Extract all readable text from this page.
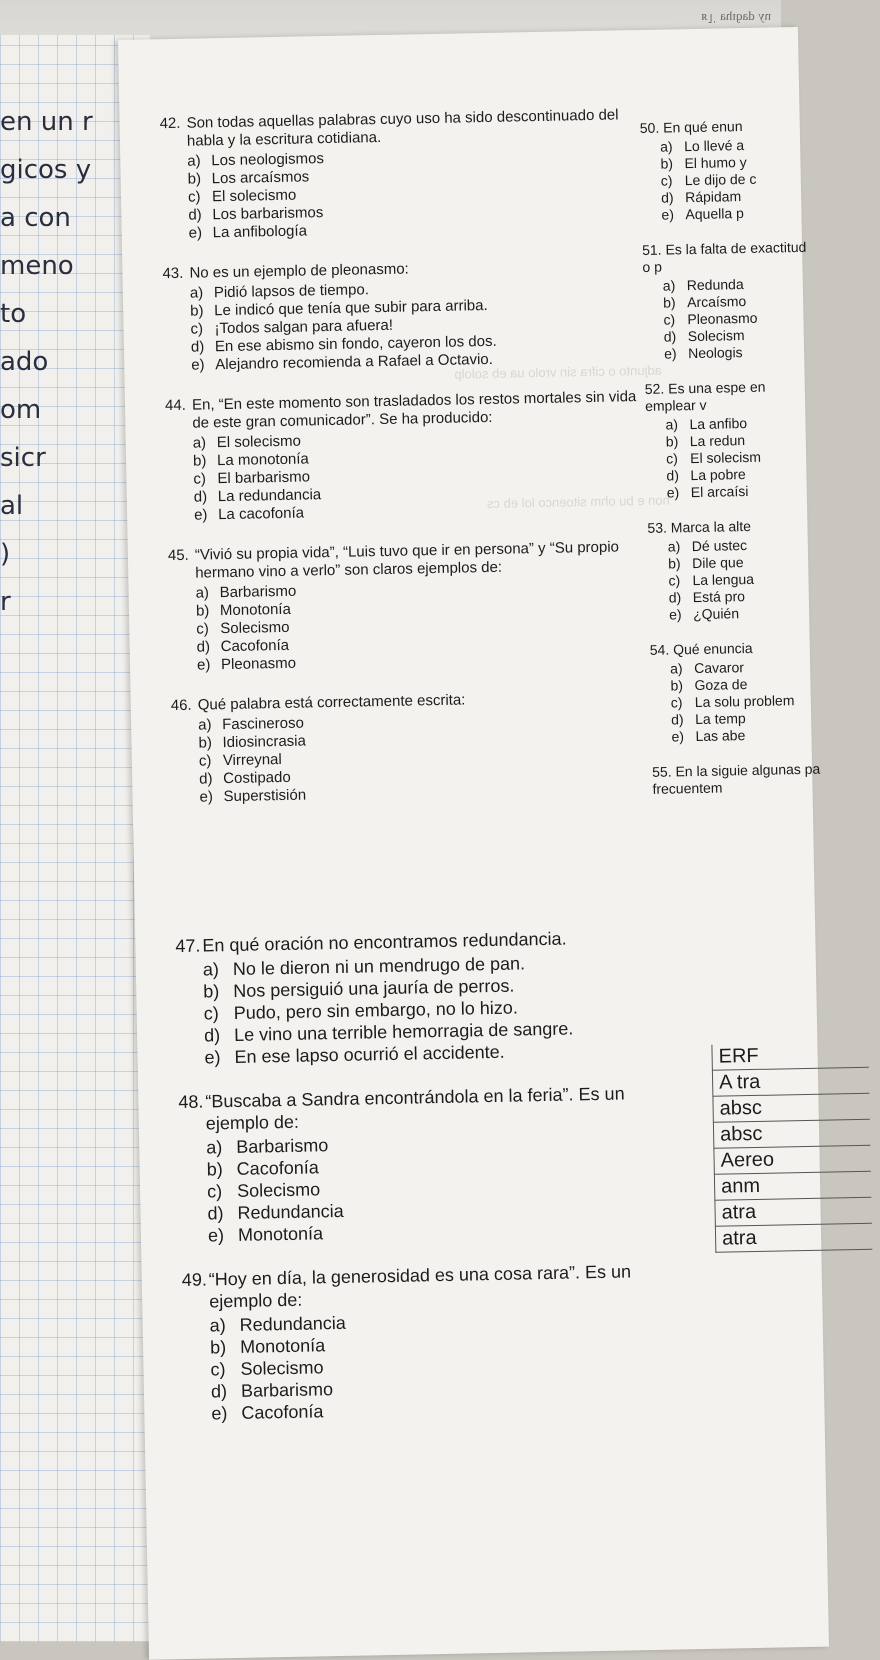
ʁ˥ˈ ɐɥıɓɐp ʎu
en un r
gicos y
a con
meno
to
ado
om
sicr
al
)
r
adjunto o cifra sin vrolo ua eb sololp
hon e bu ohm sitoenco lol eb cs
42. Son todas aquellas palabras cuyo uso ha sido descontinuado del habla y la escritura cotidiana.
a) Los neologismos
b) Los arcaísmos
c) El solecismo
d) Los barbarismos
e) La anfibología
43. No es un ejemplo de pleonasmo:
a) Pidió lapsos de tiempo.
b) Le indicó que tenía que subir para arriba.
c) ¡Todos salgan para afuera!
d) En ese abismo sin fondo, cayeron los dos.
e) Alejandro recomienda a Rafael a Octavio.
44. En, “En este momento son trasladados los restos mortales sin vida de este gran comunicador”. Se ha producido:
a) El solecismo
b) La monotonía
c) El barbarismo
d) La redundancia
e) La cacofonía
45. “Vivió su propia vida”, “Luis tuvo que ir en persona” y “Su propio hermano vino a verlo” son claros ejemplos de:
a) Barbarismo
b) Monotonía
c) Solecismo
d) Cacofonía
e) Pleonasmo
46. Qué palabra está correctamente escrita:
a) Fascineroso
b) Idiosincrasia
c) Virreynal
d) Costipado
e) Superstisión
47. En qué oración no encontramos redundancia.
a) No le dieron ni un mendrugo de pan.
b) Nos persiguió una jauría de perros.
c) Pudo, pero sin embargo, no lo hizo.
d) Le vino una terrible hemorragia de sangre.
e) En ese lapso ocurrió el accidente.
48. “Buscaba a Sandra encontrándola en la feria”. Es un ejemplo de:
a) Barbarismo
b) Cacofonía
c) Solecismo
d) Redundancia
e) Monotonía
49. “Hoy en día, la generosidad es una cosa rara”. Es un ejemplo de:
a) Redundancia
b) Monotonía
c) Solecismo
d) Barbarismo
e) Cacofonía
50. En qué enun
a) Lo llevé a
b) El humo y
c) Le dijo de c
d) Rápidam
e) Aquella p
51. Es la falta de exactitud o p
a) Redunda
b) Arcaísmo
c) Pleonasmo
d) Solecism
e) Neologis
52. Es una espe en emplear v
a) La anfibo
b) La redun
c) El solecism
d) La pobre
e) El arcaísi
53. Marca la alte
a) Dé ustec
b) Dile que
c) La lengua
d) Está pro
e) ¿Quién
54. Qué enuncia
a) Cavaror
b) Goza de
c) La solu problem
d) La temp
e) Las abe
55. En la siguie algunas pa frecuentem
ERF
A tra
absc
absc
Aereo
anm
atra
atra
